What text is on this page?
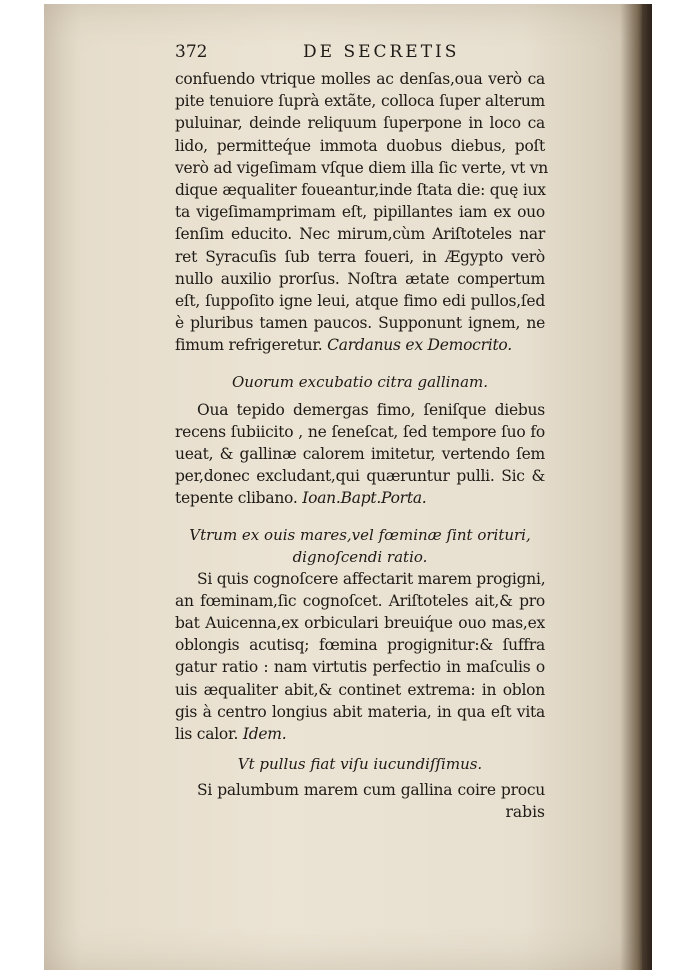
372	DE SECRETIS
confuendo vtrique molles ac denſas,oua verò ca
pite tenuiore ſuprà extãte, colloca ſuper alterum
puluinar, deinde reliquum ſuperpone in loco ca
lido, permitteq́ue immota duobus diebus, poſt
verò ad vigeſimam vſque diem illa ſic verte, vt vn
dique æqualiter foueantur,inde ſtata die: quę iux
ta vigeſimamprimam eſt, pipillantes iam ex ouo
ſenſim educito. Nec mirum,cùm Ariſtoteles nar
ret Syracuſis ſub terra foueri, in Ægypto verò
nullo auxilio prorſus. Noſtra ætate compertum
eſt, ſuppoſito igne leui, atque fimo edi pullos,ſed
è pluribus tamen paucos. Supponunt ignem, ne
fimum refrigeretur. Cardanus ex Democrito.
Ouorum excubatio citra gallinam.
Oua tepido demergas fimo, ſeniſque diebus
recens ſubiicito , ne ſeneſcat, ſed tempore ſuo fo
ueat, & gallinæ calorem imitetur, vertendo ſem
per,donec excludant,qui quæruntur pulli. Sic &
tepente clibano. Ioan.Bapt.Porta.
Vtrum ex ouis mares,vel fœminæ ſint orituri,
dignoſcendi ratio.
Si quis cognoſcere affectarit marem progigni,
an fœminam,ſic cognoſcet. Ariſtoteles ait,& pro
bat Auicenna,ex orbiculari breuiq́ue ouo mas,ex
oblongis acutisq; fœmina progignitur:& ſuffra
gatur ratio : nam virtutis perfectio in maſculis o
uis æqualiter abit,& continet extrema: in oblon
gis à centro longius abit materia, in qua eſt vita
lis calor. Idem.
Vt pullus fiat viſu iucundiſſimus.
Si palumbum marem cum gallina coire procu
rabis
